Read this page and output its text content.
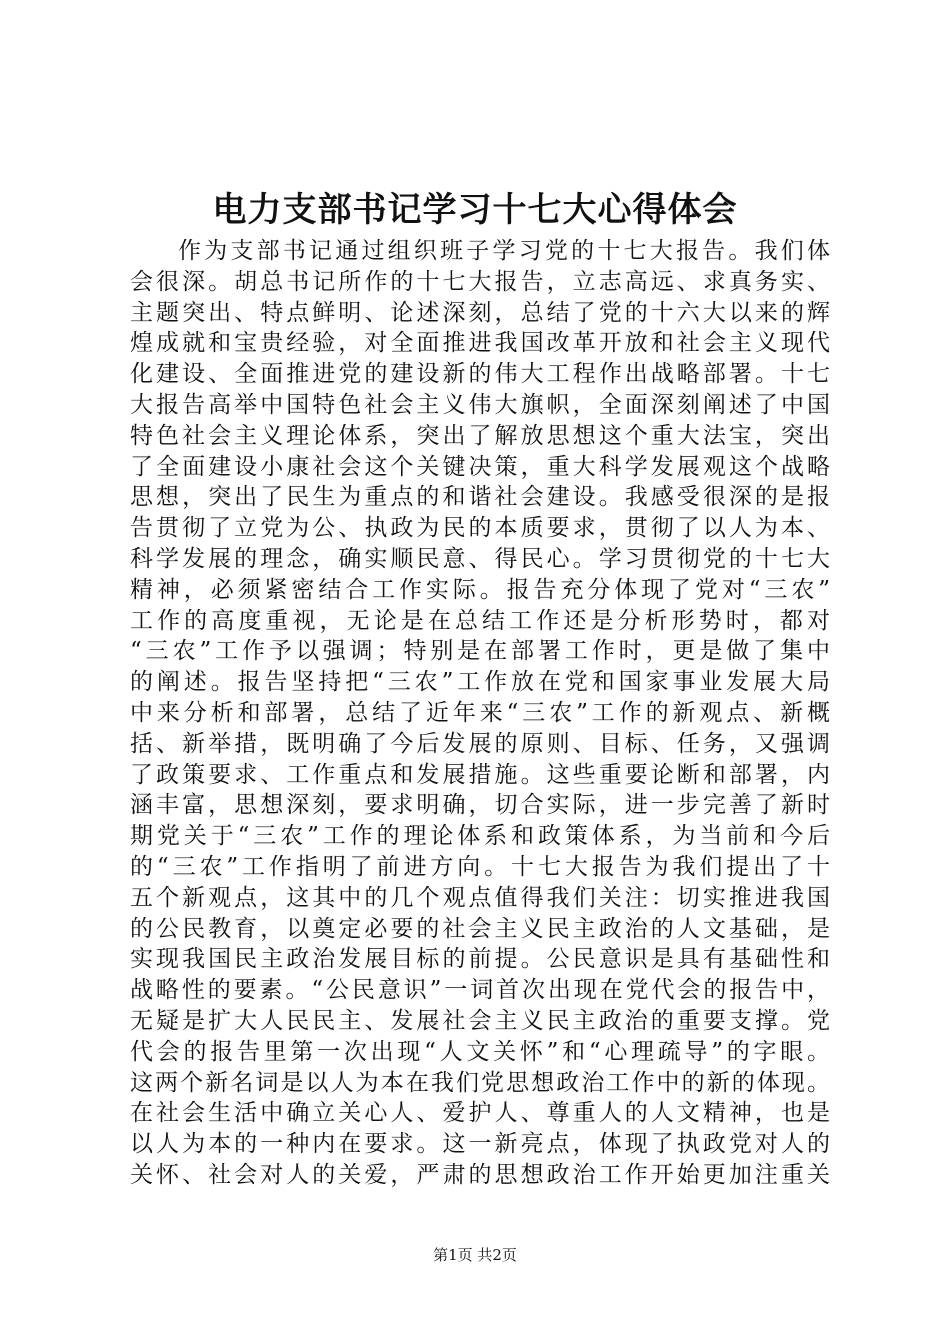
电力支部书记学习十七大心得体会
作为支部书记通过组织班子学习党的十七大报告。我们体
会很深。胡总书记所作的十七大报告，立志高远、求真务实、
主题突出、特点鲜明、论述深刻，总结了党的十六大以来的辉
煌成就和宝贵经验，对全面推进我国改革开放和社会主义现代
化建设、全面推进党的建设新的伟大工程作出战略部署。十七
大报告高举中国特色社会主义伟大旗帜，全面深刻阐述了中国
特色社会主义理论体系，突出了解放思想这个重大法宝，突出
了全面建设小康社会这个关键决策，重大科学发展观这个战略
思想，突出了民生为重点的和谐社会建设。我感受很深的是报
告贯彻了立党为公、执政为民的本质要求，贯彻了以人为本、
科学发展的理念，确实顺民意、得民心。学习贯彻党的十七大
精神，必须紧密结合工作实际。报告充分体现了党对“三农”
工作的高度重视，无论是在总结工作还是分析形势时，都对
“三农”工作予以强调；特别是在部署工作时，更是做了集中
的阐述。报告坚持把“三农”工作放在党和国家事业发展大局
中来分析和部署，总结了近年来“三农”工作的新观点、新概
括、新举措，既明确了今后发展的原则、目标、任务，又强调
了政策要求、工作重点和发展措施。这些重要论断和部署，内
涵丰富，思想深刻，要求明确，切合实际，进一步完善了新时
期党关于“三农”工作的理论体系和政策体系，为当前和今后
的“三农”工作指明了前进方向。十七大报告为我们提出了十
五个新观点，这其中的几个观点值得我们关注：切实推进我国
的公民教育，以奠定必要的社会主义民主政治的人文基础，是
实现我国民主政治发展目标的前提。公民意识是具有基础性和
战略性的要素。“公民意识”一词首次出现在党代会的报告中，
无疑是扩大人民民主、发展社会主义民主政治的重要支撑。党
代会的报告里第一次出现“人文关怀”和“心理疏导”的字眼。
这两个新名词是以人为本在我们党思想政治工作中的新的体现。
在社会生活中确立关心人、爱护人、尊重人的人文精神，也是
以人为本的一种内在要求。这一新亮点，体现了执政党对人的
关怀、社会对人的关爱，严肃的思想政治工作开始更加注重关
第1页 共2页
